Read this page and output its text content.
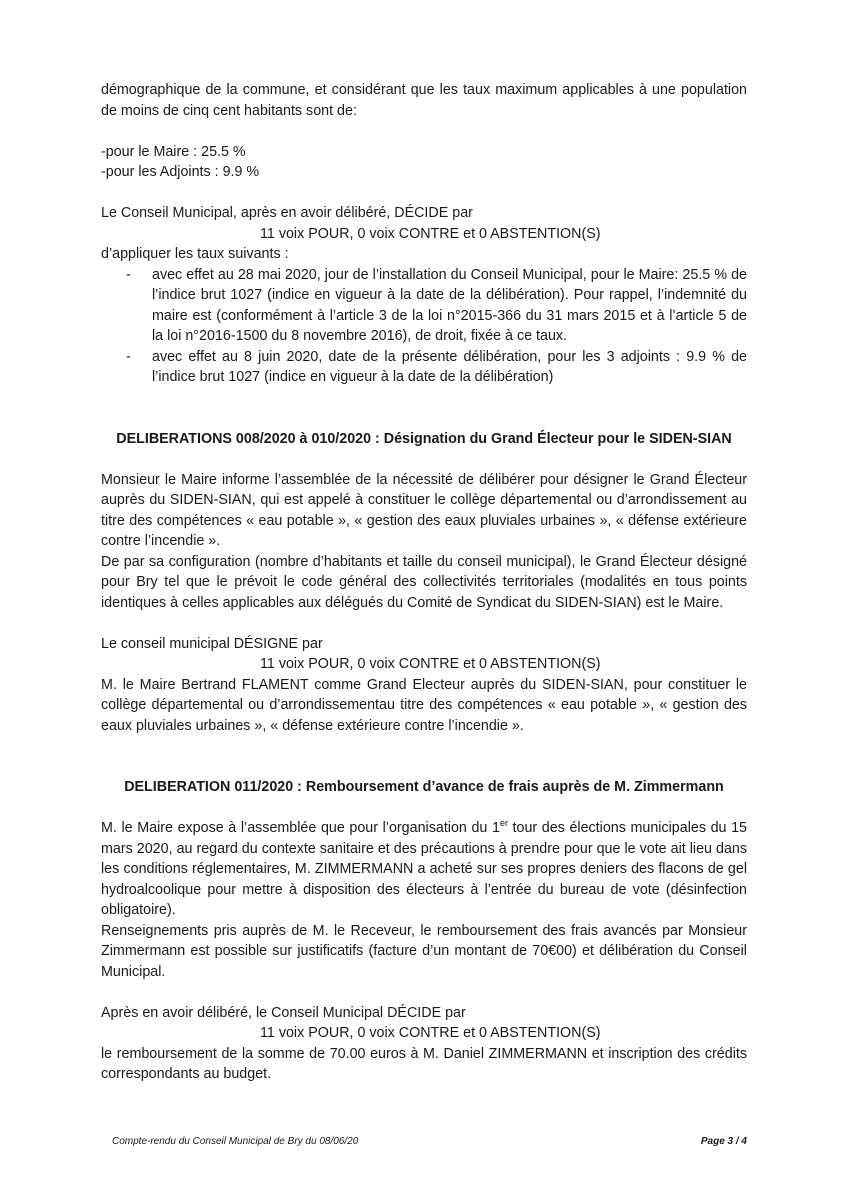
démographique de la commune, et considérant que les taux maximum applicables à une population de moins de cinq cent habitants sont de:

-pour le Maire : 25.5 %

-pour les Adjoints : 9.9 %

Le Conseil Municipal, après en avoir délibéré, DÉCIDE par

11 voix POUR, 0 voix CONTRE et 0 ABSTENTION(S)

d’appliquer les taux suivants :

- avec effet au 28 mai 2020, jour de l’installation du Conseil Municipal, pour le Maire: 25.5 % de l’indice brut 1027 (indice en vigueur à la date de la délibération). Pour rappel, l’indemnité du maire est (conformément à l’article 3 de la loi n°2015-366 du 31 mars 2015 et à l’article 5 de la loi n°2016-1500 du 8 novembre 2016), de droit, fixée à ce taux.
- avec effet au 8 juin 2020, date de la présente délibération, pour les 3 adjoints : 9.9 % de l’indice brut 1027 (indice en vigueur à la date de la délibération)

DELIBERATIONS 008/2020 à 010/2020 : Désignation du Grand Électeur pour le SIDEN-SIAN

Monsieur le Maire informe l’assemblée de la nécessité de délibérer pour désigner le Grand Électeur auprès du SIDEN-SIAN, qui est appelé à constituer le collège départemental ou d’arrondissement au titre des compétences « eau potable », « gestion des eaux pluviales urbaines », « défense extérieure contre l’incendie ».

De par sa configuration (nombre d’habitants et taille du conseil municipal), le Grand Électeur désigné pour Bry tel que le prévoit le code général des collectivités territoriales (modalités en tous points identiques à celles applicables aux délégués du Comité de Syndicat du SIDEN-SIAN) est le Maire.

Le conseil municipal DÉSIGNE par

11 voix POUR, 0 voix CONTRE et 0 ABSTENTION(S)

M. le Maire Bertrand FLAMENT comme Grand Electeur auprès du SIDEN-SIAN, pour constituer le collège départemental ou d’arrondissementau titre des compétences « eau potable », « gestion des eaux pluviales urbaines », « défense extérieure contre l’incendie ».

DELIBERATION 011/2020 : Remboursement d’avance de frais auprès de M. Zimmermann

M. le Maire expose à l’assemblée que pour l’organisation du 1er tour des élections municipales du 15 mars 2020, au regard du contexte sanitaire et des précautions à prendre pour que le vote ait lieu dans les conditions réglementaires, M. ZIMMERMANN a acheté sur ses propres deniers des flacons de gel hydroalcoolique pour mettre à disposition des électeurs à l’entrée du bureau de vote (désinfection obligatoire).

Renseignements pris auprès de M. le Receveur, le remboursement des frais avancés par Monsieur Zimmermann est possible sur justificatifs (facture d’un montant de 70€00) et délibération du Conseil Municipal.

Après en avoir délibéré, le Conseil Municipal DÉCIDE par

11 voix POUR, 0 voix CONTRE et 0 ABSTENTION(S)

le remboursement de la somme de 70.00 euros à M. Daniel ZIMMERMANN et inscription des crédits correspondants au budget.

Compte-rendu du Conseil Municipal de Bry du 08/06/20	Page 3 / 4
